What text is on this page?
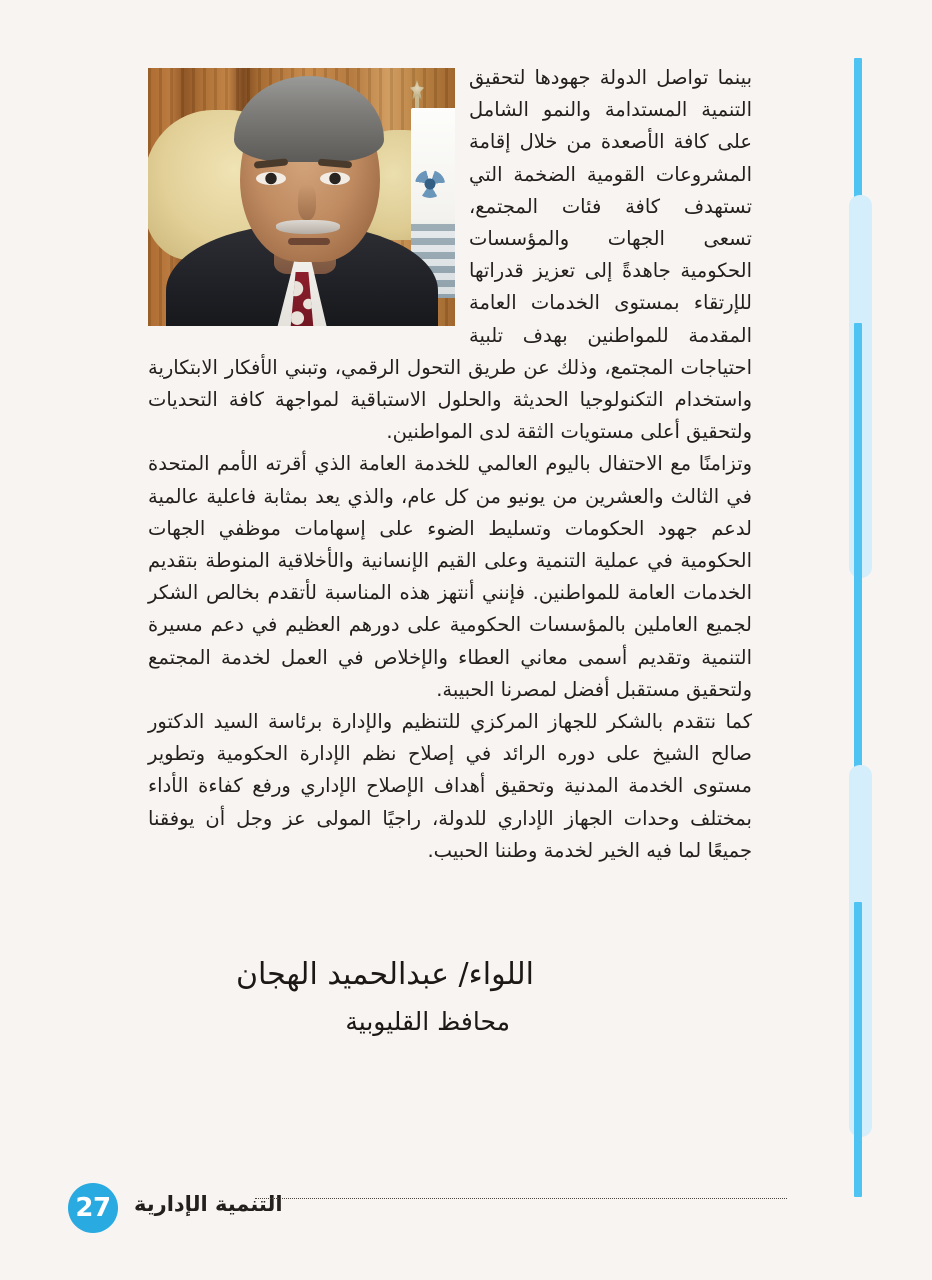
بينما تواصل الدولة جهودها لتحقيق التنمية المستدامة والنمو الشامل على كافة الأصعدة من خلال إقامة المشروعات القومية الضخمة التي تستهدف كافة فئات المجتمع، تسعى الجهات والمؤسسات الحكومية جاهدةً إلى تعزيز قدراتها للإرتقاء بمستوى الخدمات العامة المقدمة للمواطنين بهدف تلبية احتياجات المجتمع، وذلك عن طريق التحول الرقمي، وتبني الأفكار الابتكارية واستخدام التكنولوجيا الحديثة والحلول الاستباقية لمواجهة كافة التحديات ولتحقيق أعلى مستويات الثقة لدى المواطنين.

وتزامنًا مع الاحتفال باليوم العالمي للخدمة العامة الذي أقرته الأمم المتحدة في الثالث والعشرين من يونيو من كل عام، والذي يعد بمثابة فاعلية عالمية لدعم جهود الحكومات وتسليط الضوء على إسهامات موظفي الجهات الحكومية في عملية التنمية وعلى القيم الإنسانية والأخلاقية المنوطة بتقديم الخدمات العامة للمواطنين. فإنني أنتهز هذه المناسبة لأتقدم بخالص الشكر لجميع العاملين بالمؤسسات الحكومية على دورهم العظيم في دعم مسيرة التنمية وتقديم أسمى معاني العطاء والإخلاص في العمل لخدمة المجتمع ولتحقيق مستقبل أفضل لمصرنا الحبيبة.

كما نتقدم بالشكر للجهاز المركزي للتنظيم والإدارة برئاسة السيد الدكتور صالح الشيخ على دوره الرائد في إصلاح نظم الإدارة الحكومية وتطوير مستوى الخدمة المدنية وتحقيق أهداف الإصلاح الإداري ورفع كفاءة الأداء بمختلف وحدات الجهاز الإداري للدولة، راجيًا المولى عز وجل أن يوفقنا جميعًا لما فيه الخير لخدمة وطننا الحبيب.

اللواء/ عبدالحميد الهجان
محافظ القليوبية
27	التنمية الإدارية
